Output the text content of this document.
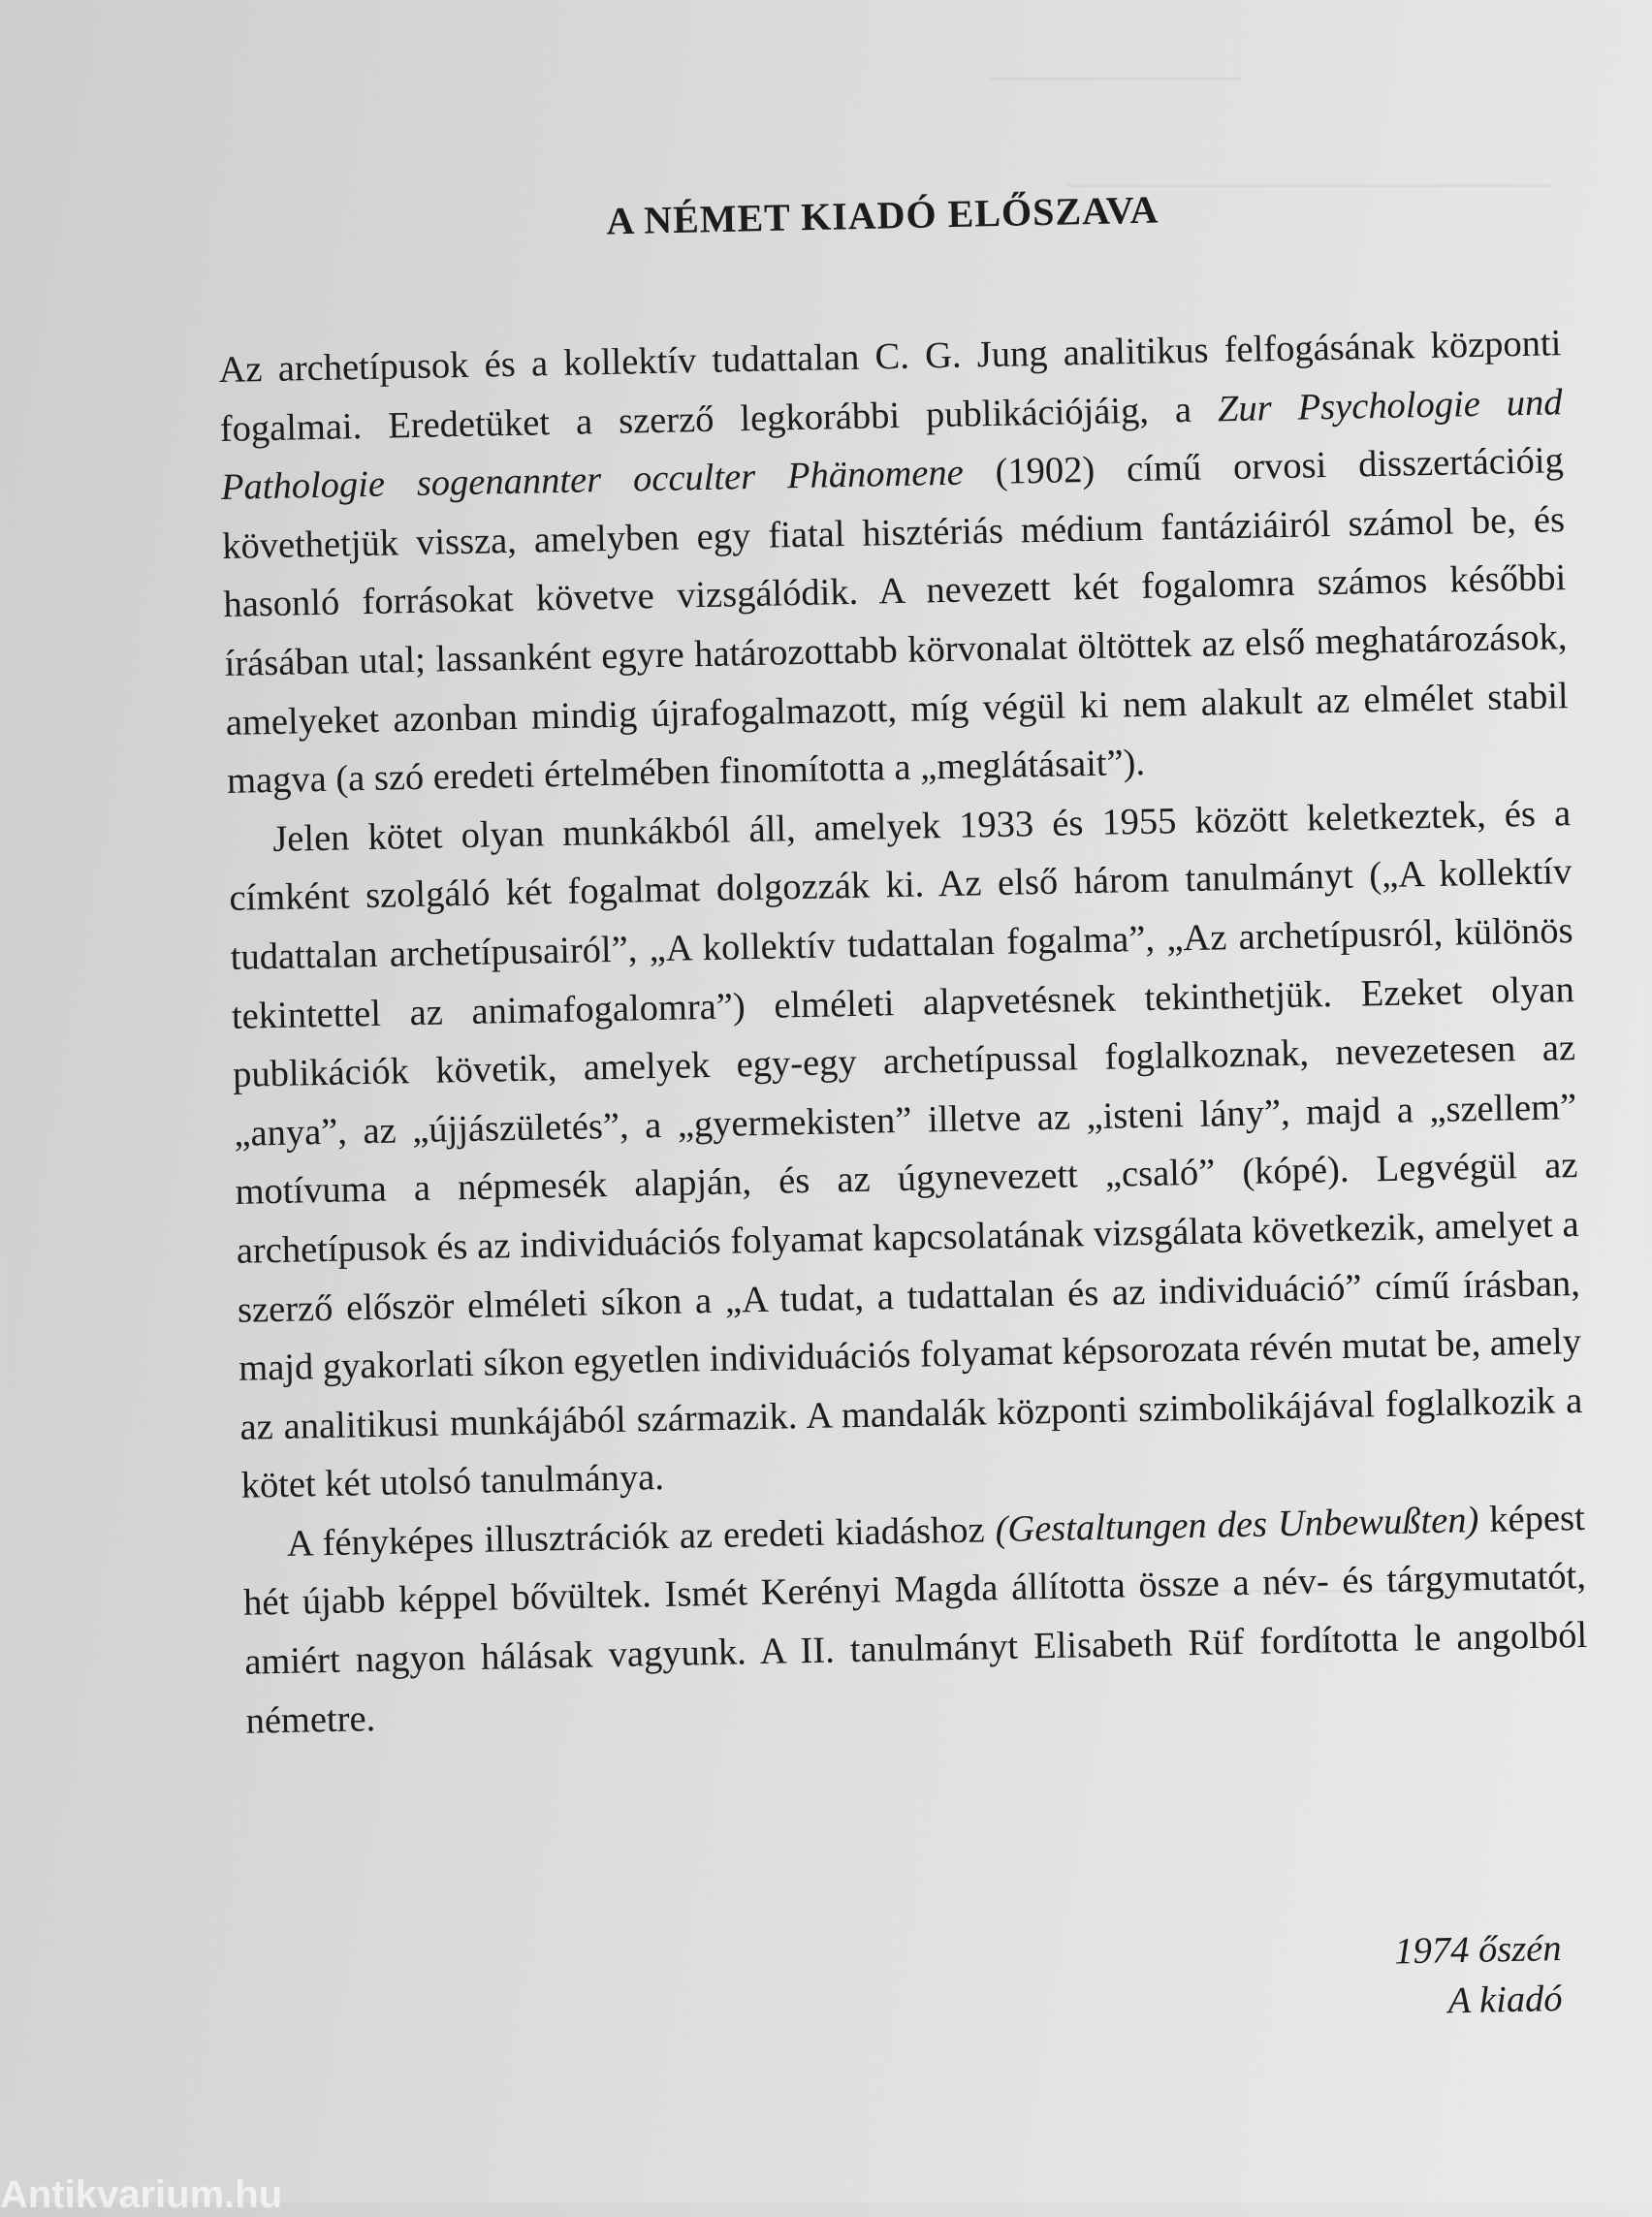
A NÉMET KIADÓ ELŐSZAVA

Az archetípusok és a kollektív tudattalan C. G. Jung analitikus felfogásának központi fogalmai. Eredetüket a szerző legkorábbi publikációjáig, a Zur Psychologie und Pathologie sogenannter occulter Phänomene (1902) című orvosi disszertációig követhetjük vissza, amelyben egy fiatal hisztériás médium fantáziáiról számol be, és hasonló forrásokat követve vizsgálódik. A nevezett két fogalomra számos későbbi írásában utal; lassanként egyre határozottabb körvonalat öltöttek az első meghatározások, amelyeket azonban mindig újrafogalmazott, míg végül ki nem alakult az elmélet stabil magva (a szó eredeti értelmében finomította a „meglátásait”).

Jelen kötet olyan munkákból áll, amelyek 1933 és 1955 között keletkeztek, és a címként szolgáló két fogalmat dolgozzák ki. Az első három tanulmányt („A kollektív tudattalan archetípusairól”, „A kollektív tudattalan fogalma”, „Az archetípusról, különös tekintettel az animafogalomra”) elméleti alapvetésnek tekinthetjük. Ezeket olyan publikációk követik, amelyek egy-egy archetípussal foglalkoznak, nevezetesen az „anya”, az „újjászületés”, a „gyermekisten” illetve az „isteni lány”, majd a „szellem” motívuma a népmesék alapján, és az úgynevezett „csaló” (kópé). Legvégül az archetípusok és az individuációs folyamat kapcsolatának vizsgálata következik, amelyet a szerző először elméleti síkon a „A tudat, a tudattalan és az individuáció” című írásban, majd gyakorlati síkon egyetlen individuációs folyamat képsorozata révén mutat be, amely az analitikusi munkájából származik. A mandalák központi szimbolikájával foglalkozik a kötet két utolsó tanulmánya.

A fényképes illusztrációk az eredeti kiadáshoz (Gestaltungen des Unbewußten) képest hét újabb képpel bővültek. Ismét Kerényi Magda állította össze a név- és tárgymutatót, amiért nagyon hálásak vagyunk. A II. tanulmányt Elisabeth Rüf fordította le angolból németre.

1974 őszén
A kiadó
Antikvarium.hu
